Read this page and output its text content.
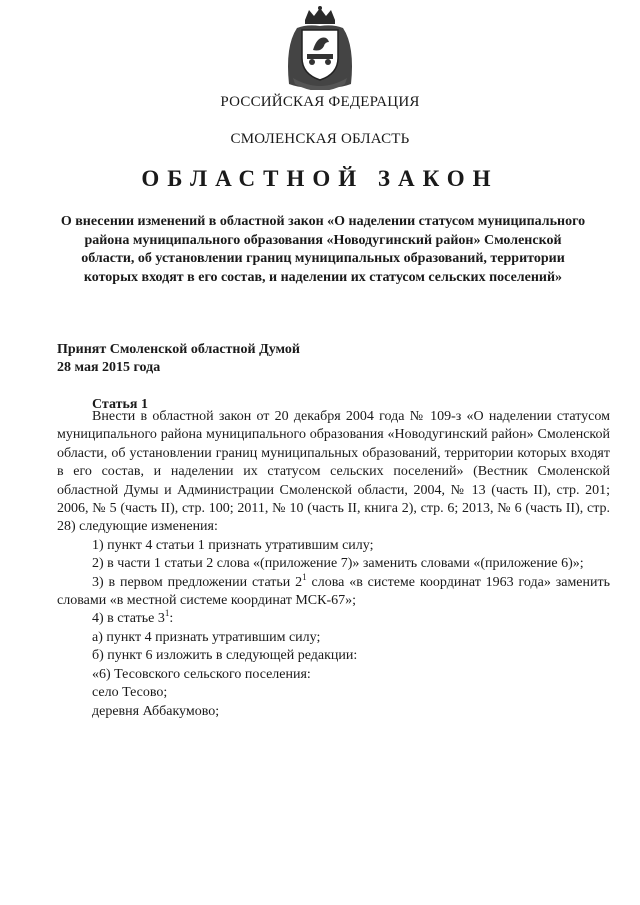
РОССИЙСКАЯ ФЕДЕРАЦИЯ
СМОЛЕНСКАЯ ОБЛАСТЬ
ОБЛАСТНОЙ ЗАКОН
О внесении изменений в областной закон «О наделении статусом муниципального района муниципального образования «Новодугинский район» Смоленской области, об установлении границ муниципальных образований, территории которых входят в его состав, и наделении их статусом сельских поселений»
Принят Смоленской областной Думой
28 мая 2015 года
Статья 1

Внести в областной закон от 20 декабря 2004 года № 109-з «О наделении статусом муниципального района муниципального образования «Новодугинский район» Смоленской области, об установлении границ муниципальных образований, территории которых входят в его состав, и наделении их статусом сельских поселений» (Вестник Смоленской областной Думы и Администрации Смоленской области, 2004, № 13 (часть II), стр. 201; 2006, № 5 (часть II), стр. 100; 2011, № 10 (часть II, книга 2), стр. 6; 2013, № 6 (часть II), стр. 28) следующие изменения:

1) пункт 4 статьи 1 признать утратившим силу;

2) в части 1 статьи 2 слова «(приложение 7)» заменить словами «(приложение 6)»;

3) в первом предложении статьи $2^1$ слова «в системе координат 1963 года» заменить словами «в местной системе координат МСК-67»;

4) в статье $3^1$:

а) пункт 4 признать утратившим силу;

б) пункт 6 изложить в следующей редакции:

«6) Тесовского сельского поселения:

село Тесово;

деревня Аббакумово;
